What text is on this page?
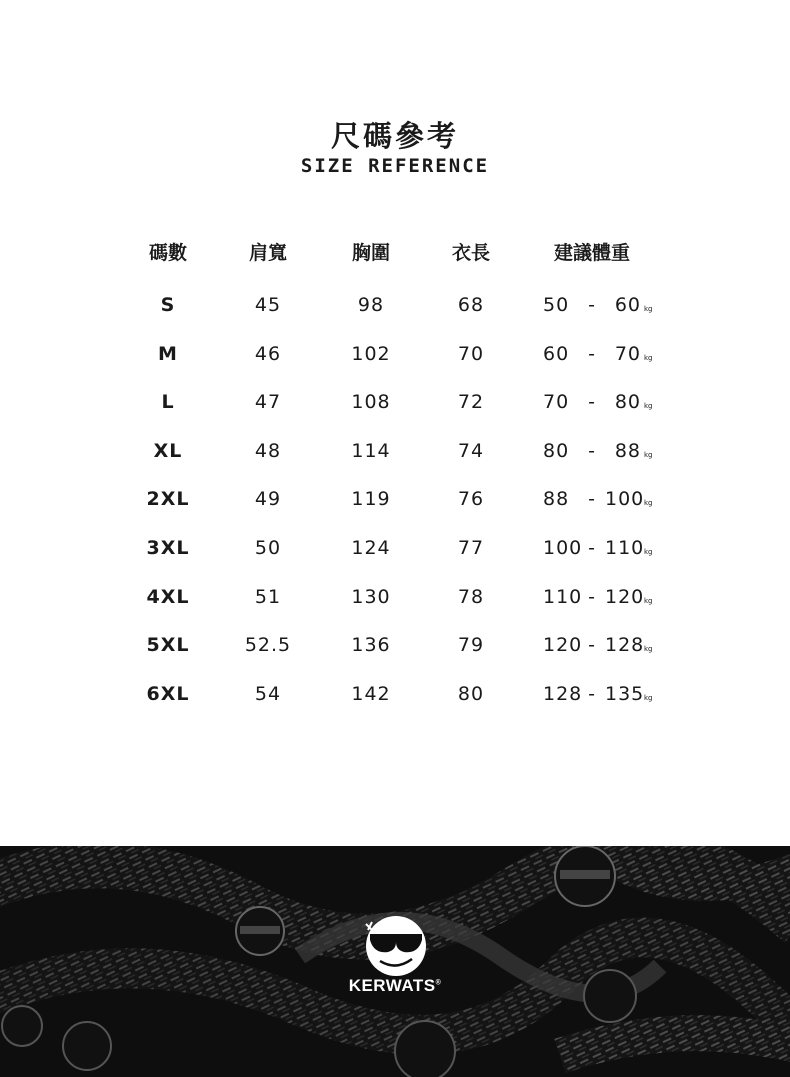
尺碼參考
SIZE REFERENCE
碼數	肩寬	胸圍	衣長	建議體重
S	45	98	68	50 - 60 kg
M	46	102	70	60 - 70 kg
L	47	108	72	70 - 80 kg
XL	48	114	74	80 - 88 kg
2XL	49	119	76	88 - 100kg
3XL	50	124	77	100 - 110kg
4XL	51	130	78	110 - 120kg
5XL	52.5	136	79	120 - 128kg
6XL	54	142	80	128 - 135kg
KERWATS®
